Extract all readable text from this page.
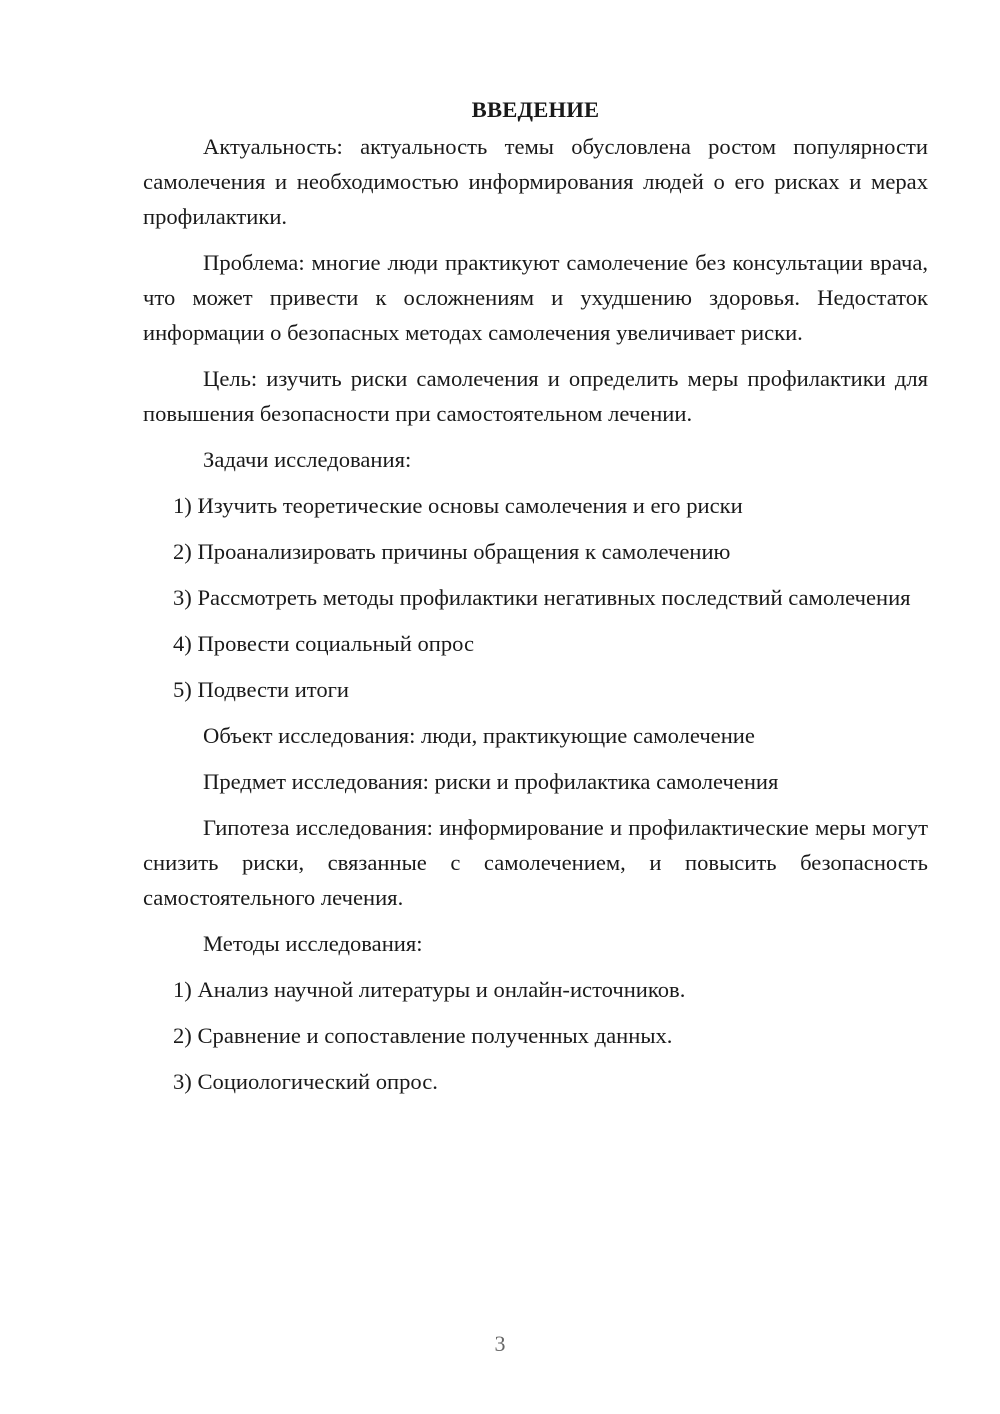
ВВЕДЕНИЕ

Актуальность: актуальность темы обусловлена ростом популярности самолечения и необходимостью информирования людей о его рисках и мерах профилактики.

Проблема: многие люди практикуют самолечение без консультации врача, что может привести к осложнениям и ухудшению здоровья. Недостаток информации о безопасных методах самолечения увеличивает риски.

Цель: изучить риски самолечения и определить меры профилактики для повышения безопасности при самостоятельном лечении.

Задачи исследования:

1) Изучить теоретические основы самолечения и его риски

2) Проанализировать причины обращения к самолечению

3) Рассмотреть методы профилактики негативных последствий самолечения

4) Провести социальный опрос

5) Подвести итоги

Объект исследования: люди, практикующие самолечение

Предмет исследования: риски и профилактика самолечения

Гипотеза исследования: информирование и профилактические меры могут снизить риски, связанные с самолечением, и повысить безопасность самостоятельного лечения.

Методы исследования:

1) Анализ научной литературы и онлайн-источников.

2) Сравнение и сопоставление полученных данных.

3) Социологический опрос.

3
